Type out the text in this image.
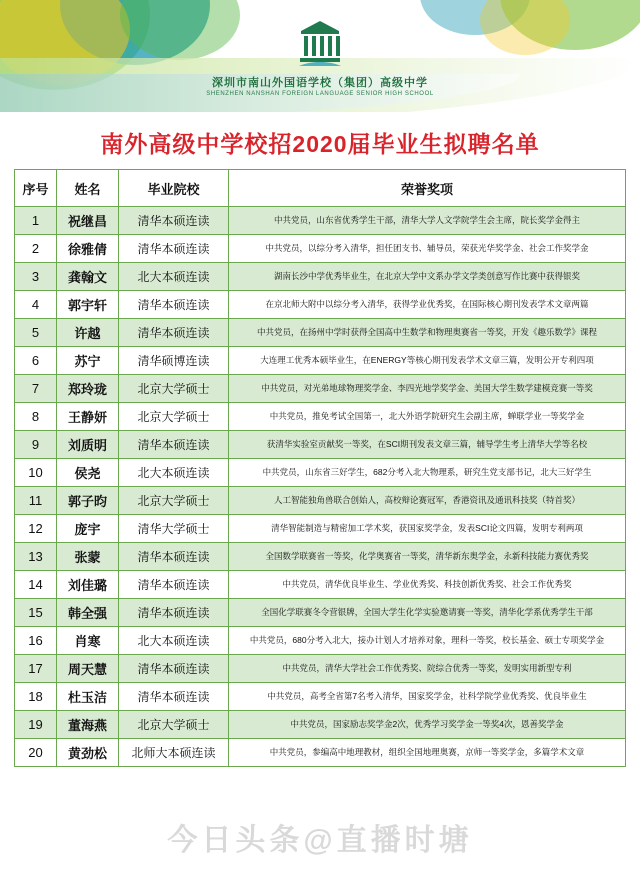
深圳市南山外国语学校（集团）高级中学
SHENZHEN NANSHAN FOREIGN LANGUAGE SENIOR HIGH SCHOOL
南外高级中学校招2020届毕业生拟聘名单
序号	姓名	毕业院校	荣誉奖项
1	祝继昌	清华本硕连读	中共党员，山东省优秀学生干部，清华大学人文学院学生会主席，院长奖学金得主
2	徐雅倩	清华本硕连读	中共党员，以综分考入清华，担任团支书、辅导员，荣获光华奖学金、社会工作奖学金
3	龚翰文	北大本硕连读	湖南长沙中学优秀毕业生，在北京大学中文系办学文学类创意写作比赛中获得银奖
4	郭宇轩	清华本硕连读	在京北师大附中以综分考入清华，获得学业优秀奖，在国际核心期刊发表学术文章两篇
5	许越	清华本硕连读	中共党员，在扬州中学时获得全国高中生数学和物理奥赛省一等奖，开发《趣乐数学》课程
6	苏宁	清华硕博连读	大连理工优秀本硕毕业生，在ENERGY等核心期刊发表学术文章三篇，发明公开专利四项
7	郑玲珑	北京大学硕士	中共党员，对光弟地球物理奖学金、李四光地学奖学金、美国大学生数学建模竞赛一等奖
8	王静妍	北京大学硕士	中共党员，推免考试全国第一，北大外语学院研究生会副主席，蝉联学业一等奖学金
9	刘质明	清华本硕连读	获清华实验室贡献奖一等奖，在SCI期刊发表文章三篇，辅导学生考上清华大学等名校
10	侯尧	北大本硕连读	中共党员，山东省三好学生，682分考入北大物理系，研究生党支部书记，北大三好学生
11	郭子昀	北京大学硕士	人工智能独角兽联合创始人，高校辩论赛冠军，香港资讯及通讯科技奖（特首奖）
12	庞宇	清华大学硕士	清华智能制造与精密加工学术奖，获国家奖学金，发表SCI论文四篇，发明专利两项
13	张蒙	清华本硕连读	全国数学联赛省一等奖，化学奥赛省一等奖，清华新东奥学金，永新科技能力赛优秀奖
14	刘佳璐	清华本硕连读	中共党员，清华优良毕业生、学业优秀奖、科技创新优秀奖、社会工作优秀奖
15	韩全强	清华本硕连读	全国化学联赛冬令营银牌，全国大学生化学实验邀请赛一等奖，清华化学系优秀学生干部
16	肖寒	北大本硕连读	中共党员，680分考入北大，接办计划人才培养对象，理科一等奖，校长基金、硕士专项奖学金
17	周天慧	清华本硕连读	中共党员，清华大学社会工作优秀奖、院综合优秀一等奖，发明实用新型专利
18	杜玉洁	清华本硕连读	中共党员，高考全省第7名考入清华，国家奖学金，社科学院学业优秀奖、优良毕业生
19	董海燕	北京大学硕士	中共党员，国家励志奖学金2次，优秀学习奖学金一等奖4次，恩善奖学金
20	黄劲松	北师大本硕连读	中共党员，参编高中地理教材，组织全国地理奥赛，京师一等奖学金，多篇学术文章
今日头条@直播时塘
